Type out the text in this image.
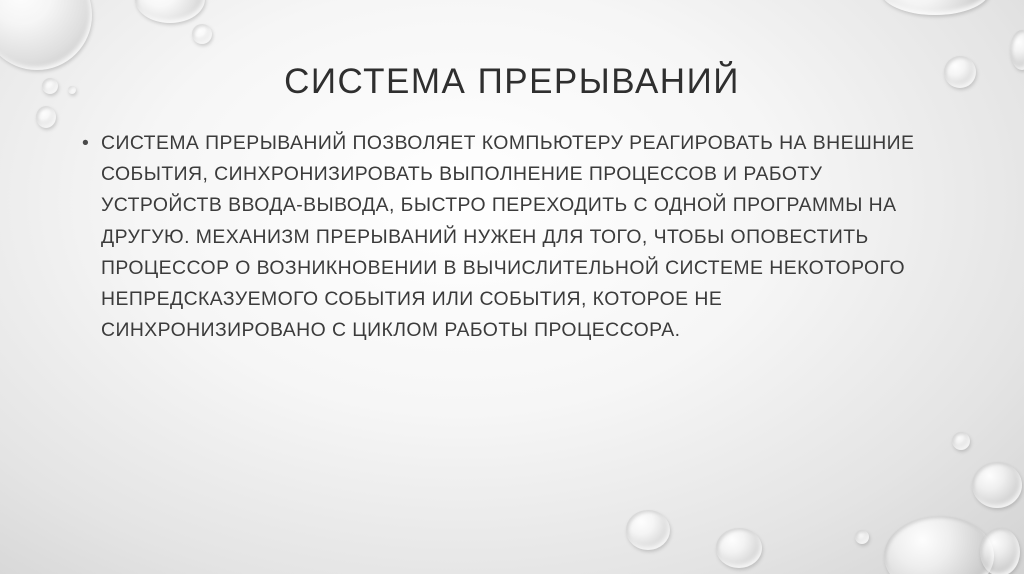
СИСТЕМА ПРЕРЫВАНИЙ
• СИСТЕМА ПРЕРЫВАНИЙ ПОЗВОЛЯЕТ КОМПЬЮТЕРУ РЕАГИРОВАТЬ НА ВНЕШНИЕ СОБЫТИЯ, СИНХРОНИЗИРОВАТЬ ВЫПОЛНЕНИЕ ПРОЦЕССОВ И РАБОТУ УСТРОЙСТВ ВВОДА-ВЫВОДА, БЫСТРО ПЕРЕХОДИТЬ С ОДНОЙ ПРОГРАММЫ НА ДРУГУЮ. МЕХАНИЗМ ПРЕРЫВАНИЙ НУЖЕН ДЛЯ ТОГО, ЧТОБЫ ОПОВЕСТИТЬ ПРОЦЕССОР О ВОЗНИКНОВЕНИИ В ВЫЧИСЛИТЕЛЬНОЙ СИСТЕМЕ НЕКОТОРОГО НЕПРЕДСКАЗУЕМОГО СОБЫТИЯ ИЛИ СОБЫТИЯ, КОТОРОЕ НЕ СИНХРОНИЗИРОВАНО С ЦИКЛОМ РАБОТЫ ПРОЦЕССОРА.
